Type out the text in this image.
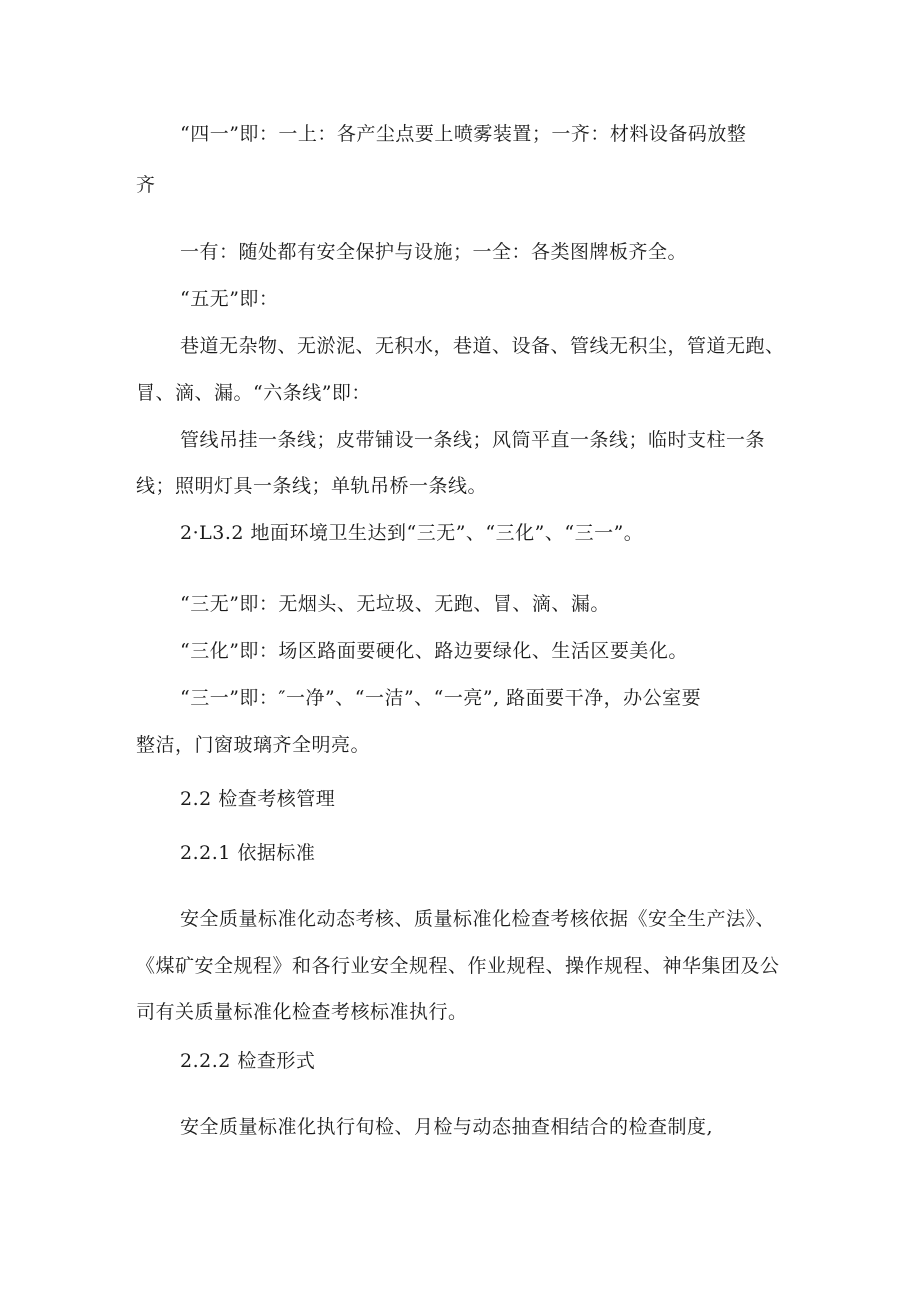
“四一”即：一上：各产尘点要上喷雾装置；一齐：材料设备码放整
齐
一有：随处都有安全保护与设施；一全：各类图牌板齐全。
“五无”即：
巷道无杂物、无淤泥、无积水，巷道、设备、管线无积尘，管道无跑、
冒、滴、漏。“六条线”即：
管线吊挂一条线；皮带铺设一条线；风筒平直一条线；临时支柱一条
线；照明灯具一条线；单轨吊桥一条线。
2·L3.2 地面环境卫生达到“三无”、“三化”、“三一”。
“三无”即：无烟头、无垃圾、无跑、冒、滴、漏。
“三化”即：场区路面要硬化、路边要绿化、生活区要美化。
“三一”即：″一净”、“一洁”、“一亮”, 路面要干净，办公室要
整洁，门窗玻璃齐全明亮。
2.2 检查考核管理
2.2.1 依据标准
安全质量标准化动态考核、质量标准化检查考核依据《安全生产法》、
《煤矿安全规程》和各行业安全规程、作业规程、操作规程、神华集团及公
司有关质量标准化检查考核标准执行。
2.2.2 检查形式
安全质量标准化执行旬检、月检与动态抽查相结合的检查制度,
